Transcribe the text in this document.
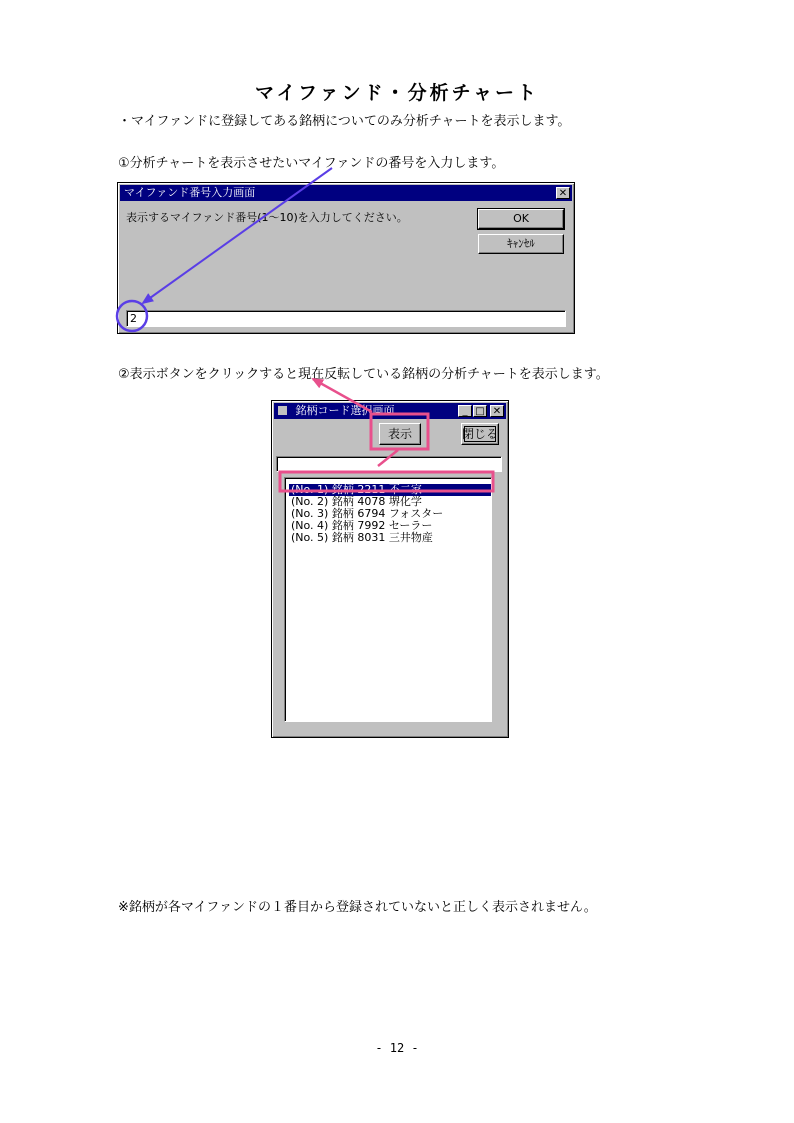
マイファンド・分析チャート
・マイファンドに登録してある銘柄についてのみ分析チャートを表示します。
①分析チャートを表示させたいマイファンドの番号を入力します。
マイファンド番号入力画面	✕
表示するマイファンド番号(1～10)を入力してください。	OK
ｷｬﾝｾﾙ
2
②表示ボタンをクリックすると現在反転している銘柄の分析チャートを表示します。
銘柄コード選択画面	_ □ ✕
表示	閉じる
(No. 1) 銘柄 2211 不二家
(No. 2) 銘柄 4078 堺化学
(No. 3) 銘柄 6794 フォスター
(No. 4) 銘柄 7992 セーラー
(No. 5) 銘柄 8031 三井物産
※銘柄が各マイファンドの１番目から登録されていないと正しく表示されません。
- 12 -
